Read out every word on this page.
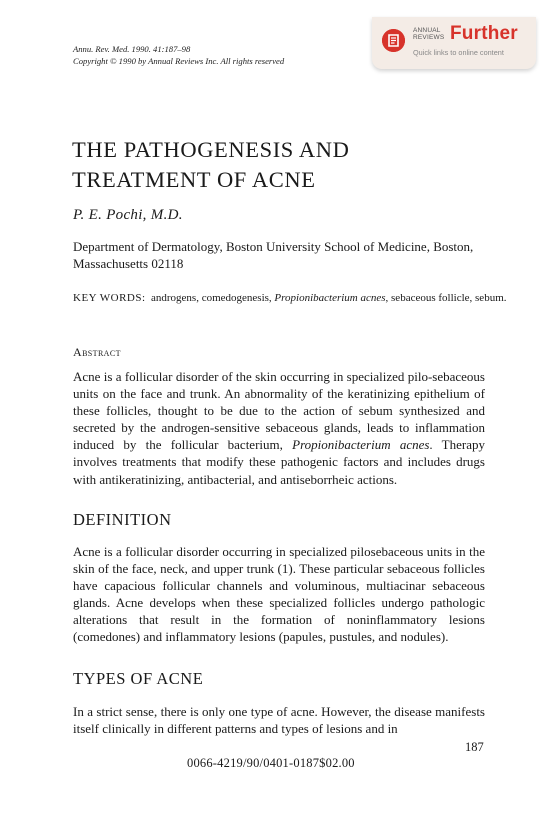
Annu. Rev. Med. 1990. 41:187–98
Copyright © 1990 by Annual Reviews Inc. All rights reserved
ANNUAL REVIEWS Further
Quick links to online content
THE PATHOGENESIS AND TREATMENT OF ACNE
P. E. Pochi, M.D.
Department of Dermatology, Boston University School of Medicine, Boston, Massachusetts 02118
KEY WORDS: androgens, comedogenesis, Propionibacterium acnes, sebaceous follicle, sebum.
Abstract
Acne is a follicular disorder of the skin occurring in specialized pilo-sebaceous units on the face and trunk. An abnormality of the keratinizing epithelium of these follicles, thought to be due to the action of sebum synthesized and secreted by the androgen-sensitive sebaceous glands, leads to inflammation induced by the follicular bacterium, Propionibacterium acnes. Therapy involves treatments that modify these pathogenic factors and includes drugs with antikeratinizing, antibacterial, and antiseborrheic actions.
DEFINITION
Acne is a follicular disorder occurring in specialized pilosebaceous units in the skin of the face, neck, and upper trunk (1). These particular sebaceous follicles have capacious follicular channels and voluminous, multiacinar sebaceous glands. Acne develops when these specialized follicles undergo pathologic alterations that result in the formation of noninflammatory lesions (comedones) and inflammatory lesions (papules, pustules, and nodules).
TYPES OF ACNE
In a strict sense, there is only one type of acne. However, the disease manifests itself clinically in different patterns and types of lesions and in
187
0066-4219/90/0401-0187$02.00
